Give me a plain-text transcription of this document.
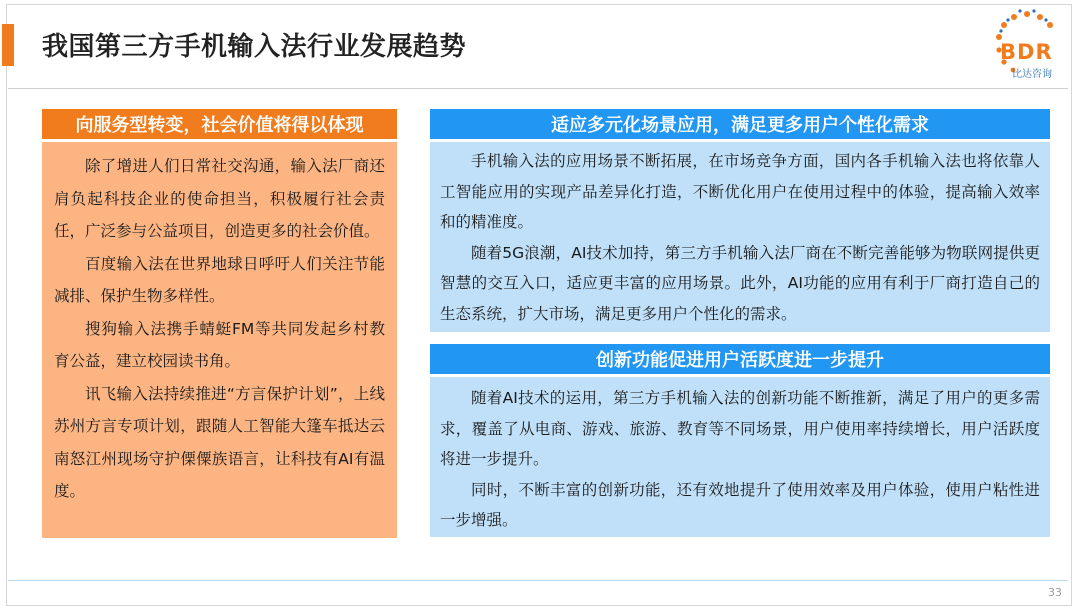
我国第三方手机输入法行业发展趋势	BDR
比达咨询
向服务型转变，社会价值将得以体现

除了增进人们日常社交沟通，输入法厂商还肩负起科技企业的使命担当，积极履行社会责任，广泛参与公益项目，创造更多的社会价值。

百度输入法在世界地球日呼吁人们关注节能减排、保护生物多样性。

搜狗输入法携手蜻蜓FM等共同发起乡村教育公益，建立校园读书角。

讯飞输入法持续推进“方言保护计划”，上线苏州方言专项计划，跟随人工智能大篷车抵达云南怒江州现场守护傈僳族语言，让科技有AI有温度。

适应多元化场景应用，满足更多用户个性化需求

手机输入法的应用场景不断拓展，在市场竞争方面，国内各手机输入法也将依靠人工智能应用的实现产品差异化打造，不断优化用户在使用过程中的体验，提高输入效率和的精准度。

随着5G浪潮，AI技术加持，第三方手机输入法厂商在不断完善能够为物联网提供更智慧的交互入口，适应更丰富的应用场景。此外，AI功能的应用有利于厂商打造自己的生态系统，扩大市场，满足更多用户个性化的需求。

创新功能促进用户活跃度进一步提升

随着AI技术的运用，第三方手机输入法的创新功能不断推新，满足了用户的更多需求，覆盖了从电商、游戏、旅游、教育等不同场景，用户使用率持续增长，用户活跃度将进一步提升。

同时，不断丰富的创新功能，还有效地提升了使用效率及用户体验，使用户粘性进一步增强。

33
